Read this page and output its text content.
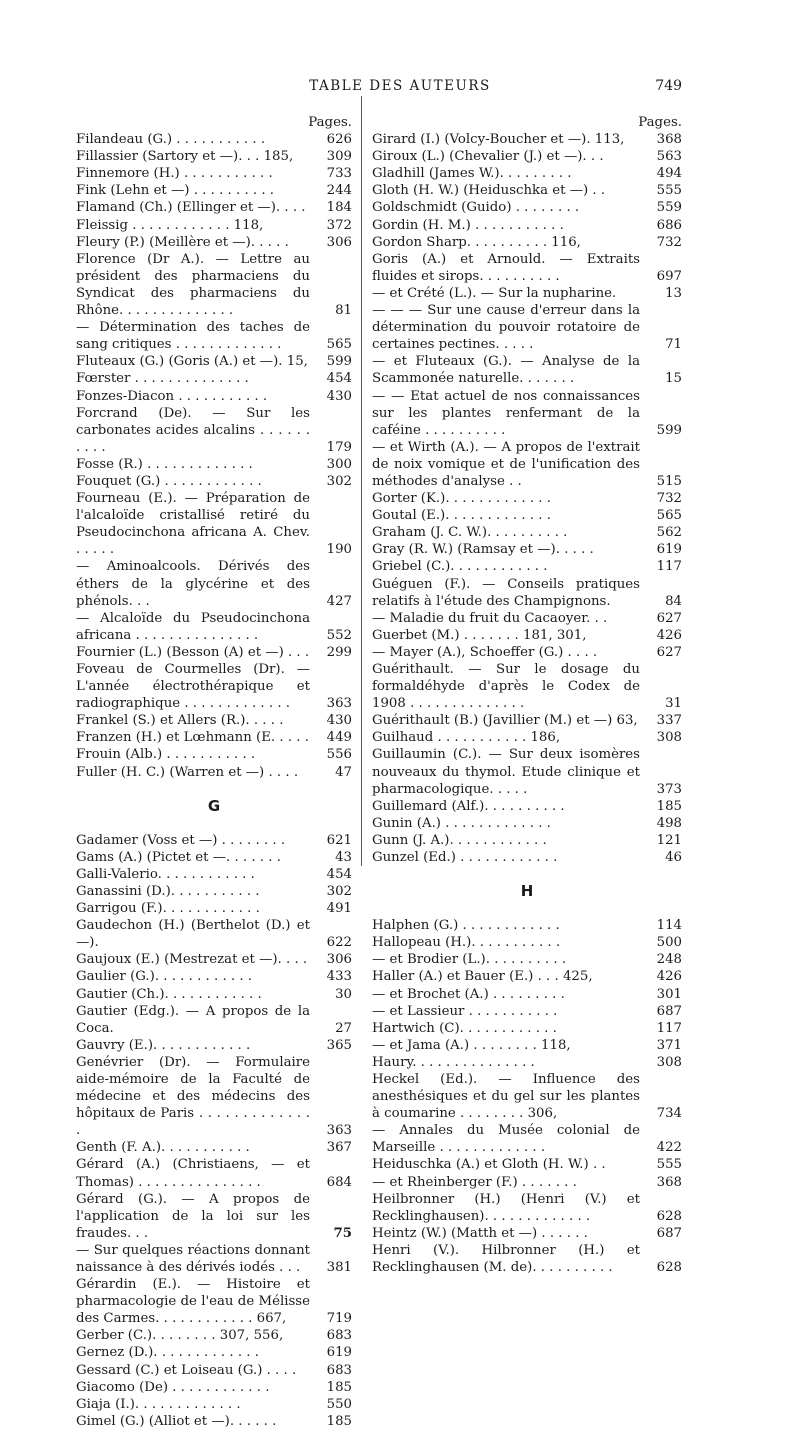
TABLE DES AUTEURS	749
Pages.
Filandeau (G.) . . . . . . . . . . .	626
Fillassier (Sartory et —). . . 185,	309
Finnemore (H.) . . . . . . . . . . .	733
Fink (Lehn et —) . . . . . . . . . .	244
Flamand (Ch.) (Ellinger et —). . . .	184
Fleissig . . . . . . . . . . . . 118,	372
Fleury (P.) (Meillère et —). . . . .	306
Florence (Dr A.). — Lettre au président des pharmaciens du Syndicat des pharmaciens du Rhône. . . . . . . . . . . . . .	81
— Détermination des taches de sang critiques . . . . . . . . . . . . .	565
Fluteaux (G.) (Goris (A.) et —). 15,	599
Fœrster . . . . . . . . . . . . . .	454
Fonzes-Diacon . . . . . . . . . . .	430
Forcrand (De). — Sur les carbonates acides alcalins . . . . . . . . . .	179
Fosse (R.) . . . . . . . . . . . . .	300
Fouquet (G.) . . . . . . . . . . . .	302
Fourneau (E.). — Préparation de l'alcaloïde cristallisé retiré du Pseudocinchona africana A. Chev. . . . . .	190
— Aminoalcools. Dérivés des éthers de la glycérine et des phénols. . .	427
— Alcaloïde du Pseudocinchona africana . . . . . . . . . . . . . . .	552
Fournier (L.) (Besson (A) et —) . . .	299
Foveau de Courmelles (Dr). — L'année électrothérapique et radiographique . . . . . . . . . . . . .	363
Frankel (S.) et Allers (R.). . . . .	430
Franzen (H.) et Lœhmann (E. . . . .	449
Frouin (Alb.) . . . . . . . . . . .	556
Fuller (H. C.) (Warren et —) . . . .	47
G
Gadamer (Voss et —) . . . . . . . .	621
Gams (A.) (Pictet et —. . . . . . .	43
Galli-Valerio. . . . . . . . . . . .	454
Ganassini (D.). . . . . . . . . . .	302
Garrigou (F.). . . . . . . . . . . .	491
Gaudechon (H.) (Berthelot (D.) et —).	622
Gaujoux (E.) (Mestrezat et —). . . .	306
Gaulier (G.). . . . . . . . . . . .	433
Gautier (Ch.). . . . . . . . . . . .	30
Gautier (Edg.). — A propos de la Coca.	27
Gauvry (E.). . . . . . . . . . . .	365
Genévrier (Dr). — Formulaire aide-mémoire de la Faculté de médecine et des médecins des hôpitaux de Paris . . . . . . . . . . . . . .	363
Genth (F. A.). . . . . . . . . . .	367
Gérard (A.) (Christiaens, — et Thomas) . . . . . . . . . . . . . . .	684
Gérard (G.). — A propos de l'application de la loi sur les fraudes. . .	75
— Sur quelques réactions donnant naissance à des dérivés iodés . . .	381
Gérardin (E.). — Histoire et pharmacologie de l'eau de Mélisse des Carmes. . . . . . . . . . . . 667,	719
Gerber (C.). . . . . . . . 307, 556,	683
Gernez (D.). . . . . . . . . . . . .	619
Gessard (C.) et Loiseau (G.) . . . .	683
Giacomo (De) . . . . . . . . . . . .	185
Giaja (I.). . . . . . . . . . . . .	550
Gimel (G.) (Alliot et —). . . . . .	185
Pages.
Girard (I.) (Volcy-Boucher et —). 113,	368
Giroux (L.) (Chevalier (J.) et —). . .	563
Gladhill (James W.). . . . . . . . .	494
Gloth (H. W.) (Heiduschka et —) . .	555
Goldschmidt (Guido) . . . . . . . .	559
Gordin (H. M.) . . . . . . . . . . .	686
Gordon Sharp. . . . . . . . . . 116,	732
Goris (A.) et Arnould. — Extraits fluides et sirops. . . . . . . . . .	697
— et Crété (L.). — Sur la nupharine.	13
— — — Sur une cause d'erreur dans la détermination du pouvoir rotatoire de certaines pectines. . . . .	71
— et Fluteaux (G.). — Analyse de la Scammonée naturelle. . . . . . .	15
— — Etat actuel de nos connaissances sur les plantes renfermant de la caféine . . . . . . . . . .	599
— et Wirth (A.). — A propos de l'extrait de noix vomique et de l'unification des méthodes d'analyse . .	515
Gorter (K.). . . . . . . . . . . . .	732
Goutal (E.). . . . . . . . . . . . .	565
Graham (J. C. W.). . . . . . . . . .	562
Gray (R. W.) (Ramsay et —). . . . .	619
Griebel (C.). . . . . . . . . . . .	117
Guéguen (F.). — Conseils pratiques relatifs à l'étude des Champignons.	84
— Maladie du fruit du Cacaoyer. . .	627
Guerbet (M.) . . . . . . . 181, 301,	426
— Mayer (A.), Schoeffer (G.) . . . .	627
Guérithault. — Sur le dosage du formaldéhyde d'après le Codex de 1908 . . . . . . . . . . . . . .	31
Guérithault (B.) (Javillier (M.) et —) 63,	337
Guilhaud . . . . . . . . . . . 186,	308
Guillaumin (C.). — Sur deux isomères nouveaux du thymol. Etude clinique et pharmacologique. . . . .	373
Guillemard (Alf.). . . . . . . . . .	185
Gunin (A.) . . . . . . . . . . . . .	498
Gunn (J. A.). . . . . . . . . . . .	121
Gunzel (Ed.) . . . . . . . . . . . .	46
H
Halphen (G.) . . . . . . . . . . . .	114
Hallopeau (H.). . . . . . . . . . .	500
— et Brodier (L.). . . . . . . . . .	248
Haller (A.) et Bauer (E.) . . . 425,	426
— et Brochet (A.) . . . . . . . . .	301
— et Lassieur . . . . . . . . . . .	687
Hartwich (C). . . . . . . . . . . .	117
— et Jama (A.) . . . . . . . . 118,	371
Haury. . . . . . . . . . . . . . .	308
Heckel (Ed.). — Influence des anesthésiques et du gel sur les plantes à coumarine . . . . . . . . 306,	734
— Annales du Musée colonial de Marseille . . . . . . . . . . . . .	422
Heiduschka (A.) et Gloth (H. W.) . .	555
— et Rheinberger (F.) . . . . . . .	368
Heilbronner (H.) (Henri (V.) et Recklinghausen). . . . . . . . . . . . .	628
Heintz (W.) (Matth et —) . . . . . .	687
Henri (V.). Hilbronner (H.) et Recklinghausen (M. de). . . . . . . . . .	628
